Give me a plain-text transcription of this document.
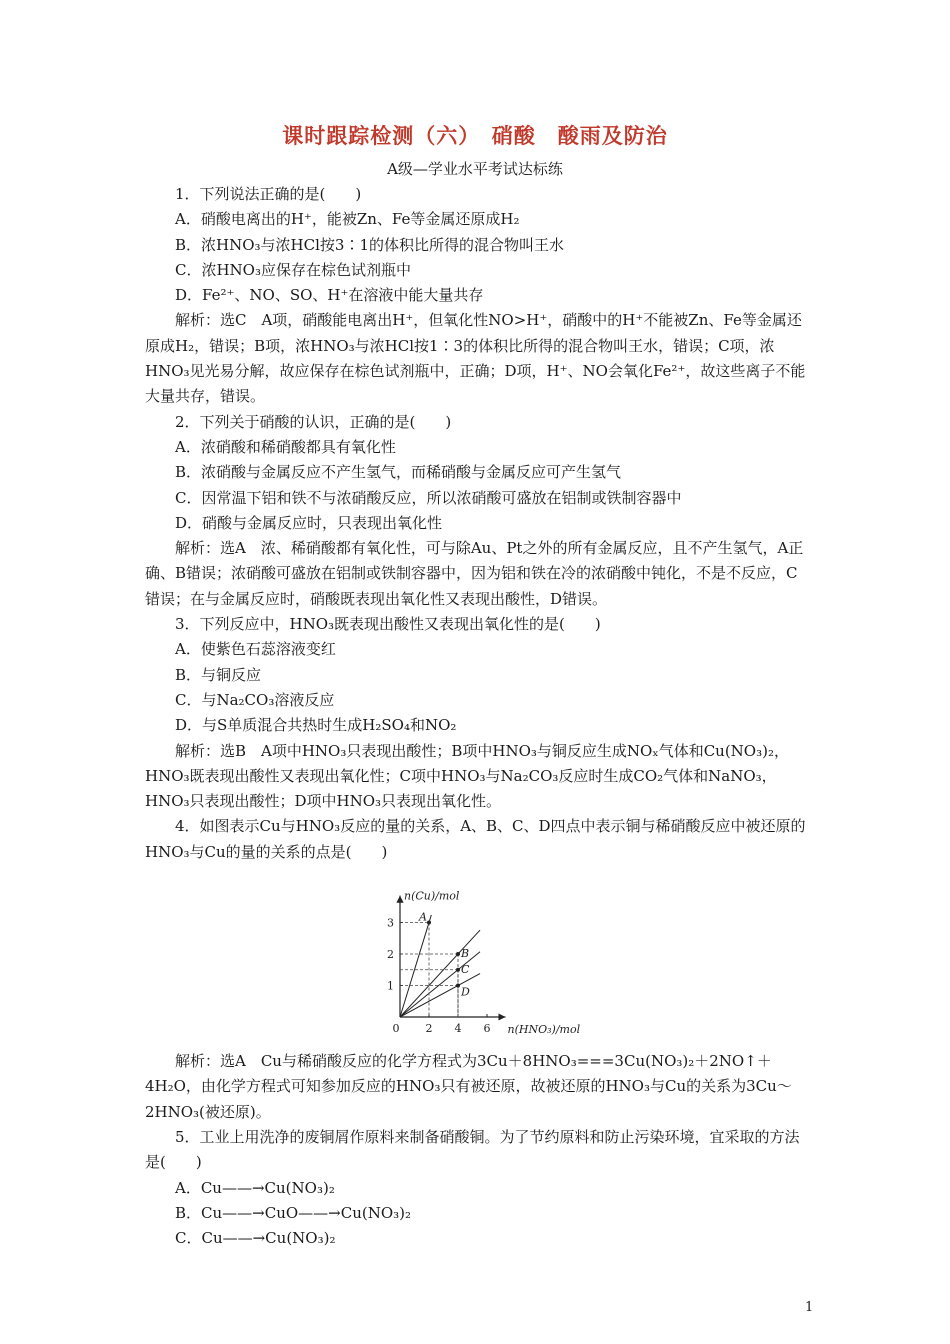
课时跟踪检测（六）　硝酸　酸雨及防治
A级—学业水平考试达标练

1．下列说法正确的是(　　)

A．硝酸电离出的H⁺，能被Zn、Fe等金属还原成H₂

B．浓HNO₃与浓HCl按3∶1的体积比所得的混合物叫王水

C．浓HNO₃应保存在棕色试剂瓶中

D．Fe²⁺、NO、SO、H⁺在溶液中能大量共存

解析：选C　A项，硝酸能电离出H⁺，但氧化性NO>H⁺，硝酸中的H⁺不能被Zn、Fe等金属还原成H₂，错误；B项，浓HNO₃与浓HCl按1∶3的体积比所得的混合物叫王水，错误；C项，浓HNO₃见光易分解，故应保存在棕色试剂瓶中，正确；D项，H⁺、NO会氧化Fe²⁺，故这些离子不能大量共存，错误。

2．下列关于硝酸的认识，正确的是(　　)

A．浓硝酸和稀硝酸都具有氧化性

B．浓硝酸与金属反应不产生氢气，而稀硝酸与金属反应可产生氢气

C．因常温下铝和铁不与浓硝酸反应，所以浓硝酸可盛放在铝制或铁制容器中

D．硝酸与金属反应时，只表现出氧化性

解析：选A　浓、稀硝酸都有氧化性，可与除Au、Pt之外的所有金属反应，且不产生氢气，A正确、B错误；浓硝酸可盛放在铝制或铁制容器中，因为铝和铁在冷的浓硝酸中钝化，不是不反应，C错误；在与金属反应时，硝酸既表现出氧化性又表现出酸性，D错误。

3．下列反应中，HNO₃既表现出酸性又表现出氧化性的是(　　)

A．使紫色石蕊溶液变红

B．与铜反应

C．与Na₂CO₃溶液反应

D．与S单质混合共热时生成H₂SO₄和NO₂

解析：选B　A项中HNO₃只表现出酸性；B项中HNO₃与铜反应生成NOₓ气体和Cu(NO₃)₂，HNO₃既表现出酸性又表现出氧化性；C项中HNO₃与Na₂CO₃反应时生成CO₂气体和NaNO₃，HNO₃只表现出酸性；D项中HNO₃只表现出氧化性。

4．如图表示Cu与HNO₃反应的量的关系，A、B、C、D四点中表示铜与稀硝酸反应中被还原的HNO₃与Cu的量的关系的点是(　　)

n(Cu)/mol
n(HNO₃)/mol
0 2 4 6
1
2
3 A
B
C
D

解析：选A　Cu与稀硝酸反应的化学方程式为3Cu＋8HNO₃===3Cu(NO₃)₂＋2NO↑＋4H₂O，由化学方程式可知参加反应的HNO₃只有被还原，故被还原的HNO₃与Cu的关系为3Cu～2HNO₃(被还原)。

5．工业上用洗净的废铜屑作原料来制备硝酸铜。为了节约原料和防止污染环境，宜采取的方法是(　　)

A．Cu——→Cu(NO₃)₂

B．Cu——→CuO——→Cu(NO₃)₂

C．Cu——→Cu(NO₃)₂

1
